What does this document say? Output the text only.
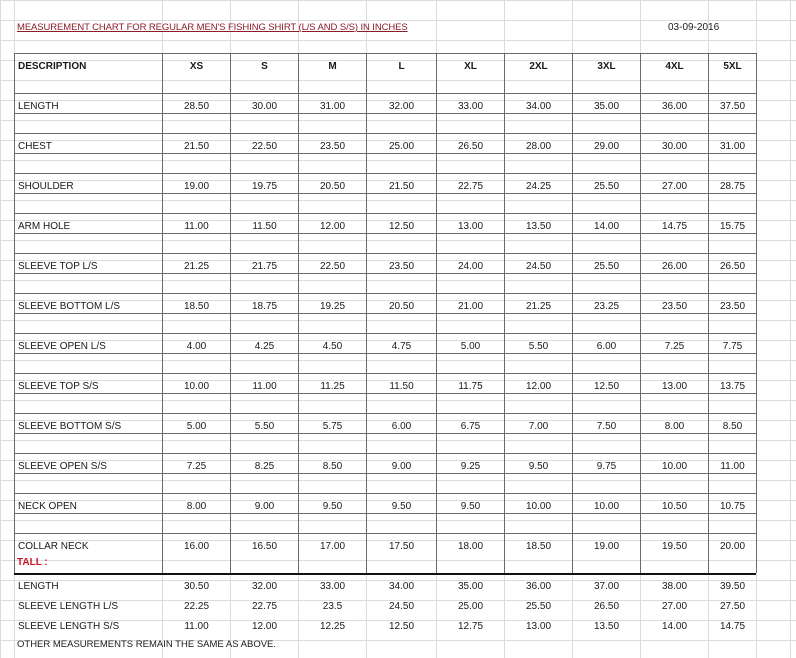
MEASUREMENT CHART FOR REGULAR MEN'S FISHING SHIRT (L/S AND S/S) IN INCHES	03-09-2016
DESCRIPTION	XS	S	M	L	XL	2XL	3XL	4XL	5XL
LENGTH	28.50	30.00	31.00	32.00	33.00	34.00	35.00	36.00	37.50
CHEST	21.50	22.50	23.50	25.00	26.50	28.00	29.00	30.00	31.00
SHOULDER	19.00	19.75	20.50	21.50	22.75	24.25	25.50	27.00	28.75
ARM HOLE	11.00	11.50	12.00	12.50	13.00	13.50	14.00	14.75	15.75
SLEEVE TOP L/S	21.25	21.75	22.50	23.50	24.00	24.50	25.50	26.00	26.50
SLEEVE BOTTOM L/S	18.50	18.75	19.25	20.50	21.00	21.25	23.25	23.50	23.50
SLEEVE OPEN L/S	4.00	4.25	4.50	4.75	5.00	5.50	6.00	7.25	7.75
SLEEVE TOP S/S	10.00	11.00	11.25	11.50	11.75	12.00	12.50	13.00	13.75
SLEEVE BOTTOM S/S	5.00	5.50	5.75	6.00	6.75	7.00	7.50	8.00	8.50
SLEEVE OPEN S/S	7.25	8.25	8.50	9.00	9.25	9.50	9.75	10.00	11.00
NECK OPEN	8.00	9.00	9.50	9.50	9.50	10.00	10.00	10.50	10.75
COLLAR NECK	16.00	16.50	17.00	17.50	18.00	18.50	19.00	19.50	20.00
TALL :
LENGTH	30.50	32.00	33.00	34.00	35.00	36.00	37.00	38.00	39.50
SLEEVE LENGTH L/S	22.25	22.75	23.5	24.50	25.00	25.50	26.50	27.00	27.50
SLEEVE LENGTH S/S	11.00	12.00	12.25	12.50	12.75	13.00	13.50	14.00	14.75
OTHER MEASUREMENTS REMAIN THE SAME AS ABOVE.
